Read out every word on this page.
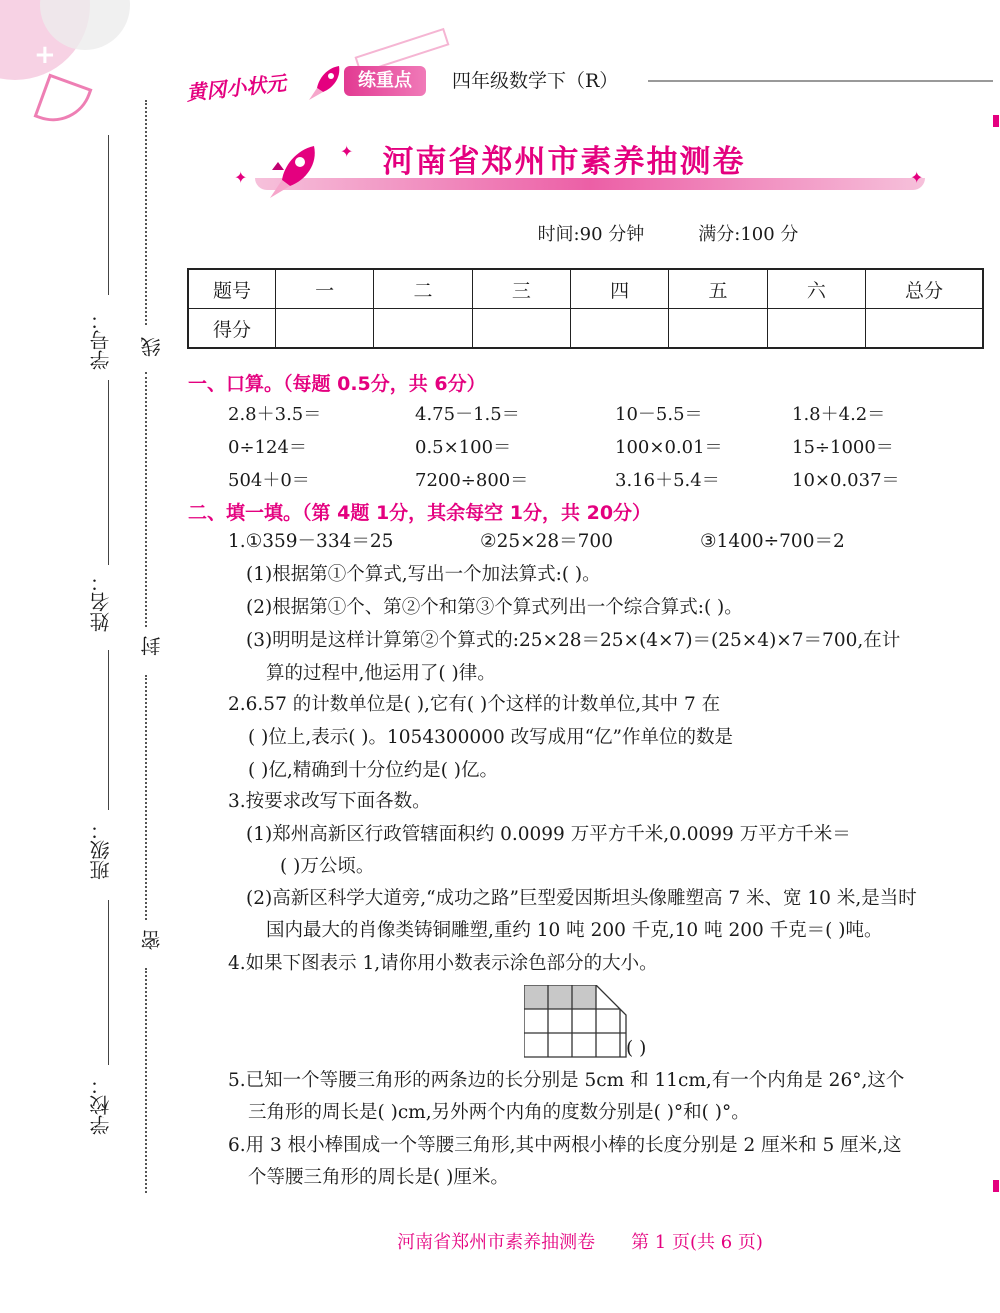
+
黄冈小状元	练重点	四年级数学下（R）
✦
✦
✦
河南省郑州市素养抽测卷
时间:90 分钟　　　	满分:100 分
题号	一	二	三	四	五	六	总分
得分							
学号：
姓名：
班级：
学校：
线
封
密
一、口算。（每题 0.5分，共 6分）
2.8＋3.5＝	4.75－1.5＝	10－5.5＝	1.8＋4.2＝
0÷124＝	0.5×100＝	100×0.01＝	15÷1000＝
504＋0＝	7200÷800＝	3.16＋5.4＝	10×0.037＝
二、填一填。（第 4题 1分，其余每空 1分，共 20分）
1.①359－334＝25	②25×28＝700	③1400÷700＝2
(1)根据第①个算式,写出一个加法算式:( )。
(2)根据第①个、第②个和第③个算式列出一个综合算式:( )。
(3)明明是这样计算第②个算式的:25×28＝25×(4×7)＝(25×4)×7＝700,在计
算的过程中,他运用了( )律。
2.6.57 的计数单位是( ),它有( )个这样的计数单位,其中 7 在
( )位上,表示( )。1054300000 改写成用“亿”作单位的数是
( )亿,精确到十分位约是( )亿。
3.按要求改写下面各数。
(1)郑州高新区行政管辖面积约 0.0099 万平方千米,0.0099 万平方千米＝
( )万公顷。
(2)高新区科学大道旁,“成功之路”巨型爱因斯坦头像雕塑高 7 米、宽 10 米,是当时
国内最大的肖像类铸铜雕塑,重约 10 吨 200 千克,10 吨 200 千克＝( )吨。
4.如果下图表示 1,请你用小数表示涂色部分的大小。
( )
5.已知一个等腰三角形的两条边的长分别是 5cm 和 11cm,有一个内角是 26°,这个
三角形的周长是( )cm,另外两个内角的度数分别是( )°和( )°。
6.用 3 根小棒围成一个等腰三角形,其中两根小棒的长度分别是 2 厘米和 5 厘米,这
个等腰三角形的周长是( )厘米。
河南省郑州市素养抽测卷　　第 1 页(共 6 页)
